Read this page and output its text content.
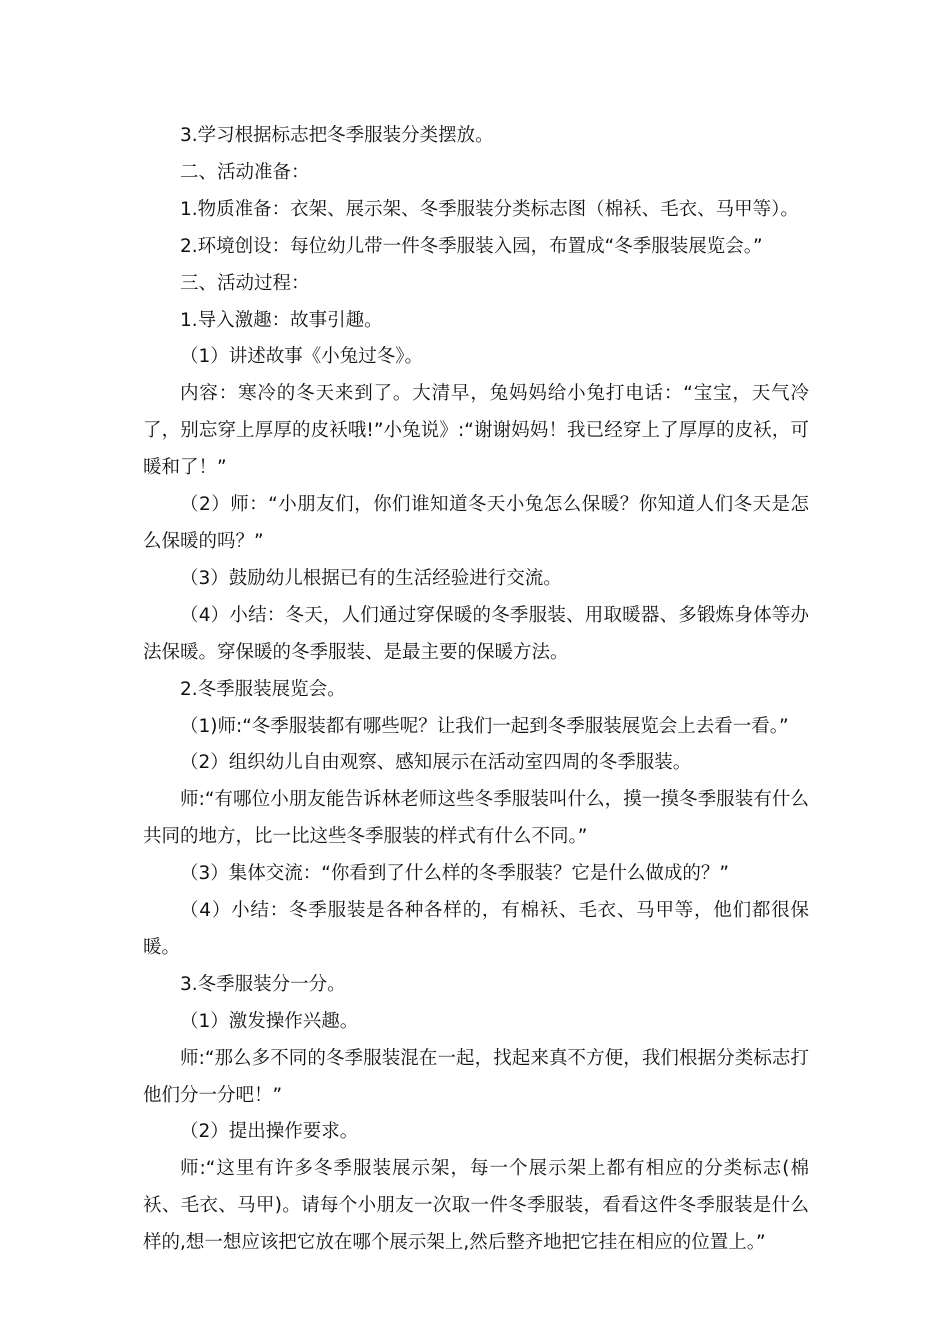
3.学习根据标志把冬季服装分类摆放。

二、活动准备：

1.物质准备：衣架、展示架、冬季服装分类标志图（棉袄、毛衣、马甲等）。

2.环境创设：每位幼儿带一件冬季服装入园，布置成“冬季服装展览会。”

三、活动过程：

1.导入激趣：故事引趣。

（1）讲述故事《小兔过冬》。

内容：寒冷的冬天来到了。大清早，兔妈妈给小兔打电话：“宝宝，天气冷了，别忘穿上厚厚的皮袄哦!”小兔说》:“谢谢妈妈！我已经穿上了厚厚的皮袄，可暖和了！”

（2）师：“小朋友们，你们谁知道冬天小兔怎么保暖？你知道人们冬天是怎么保暖的吗？”

（3）鼓励幼儿根据已有的生活经验进行交流。

（4）小结：冬天，人们通过穿保暖的冬季服装、用取暖器、多锻炼身体等办法保暖。穿保暖的冬季服装、是最主要的保暖方法。

2.冬季服装展览会。

（1)师:“冬季服装都有哪些呢？让我们一起到冬季服装展览会上去看一看。”

（2）组织幼儿自由观察、感知展示在活动室四周的冬季服装。

师:“有哪位小朋友能告诉林老师这些冬季服装叫什么，摸一摸冬季服装有什么共同的地方，比一比这些冬季服装的样式有什么不同。”

（3）集体交流：“你看到了什么样的冬季服装？它是什么做成的？”

（4）小结：冬季服装是各种各样的，有棉袄、毛衣、马甲等，他们都很保暖。

3.冬季服装分一分。

（1）激发操作兴趣。

师:“那么多不同的冬季服装混在一起，找起来真不方便，我们根据分类标志打他们分一分吧！”

（2）提出操作要求。

师:“这里有许多冬季服装展示架，每一个展示架上都有相应的分类标志(棉袄、毛衣、马甲)。请每个小朋友一次取一件冬季服装，看看这件冬季服装是什么样的,想一想应该把它放在哪个展示架上,然后整齐地把它挂在相应的位置上。”
